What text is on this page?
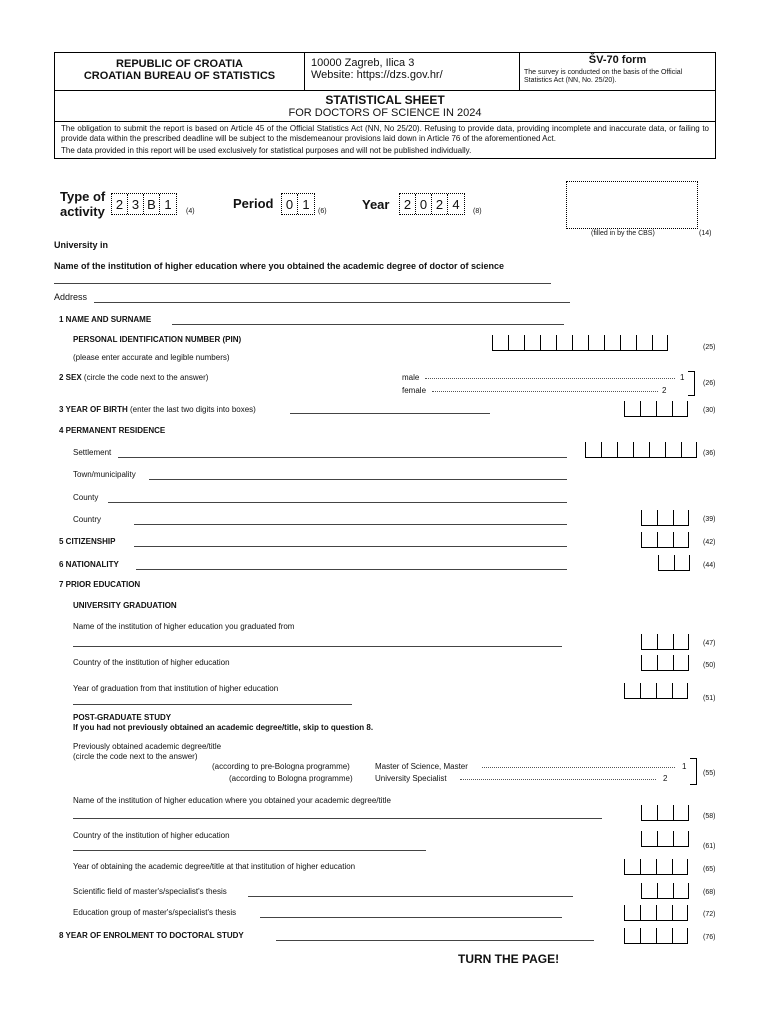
REPUBLIC OF CROATIA
CROATIAN BUREAU OF STATISTICS
10000 Zagreb, Ilica 3
Website: https://dzs.gov.hr/
ŠV-70 form
The survey is conducted on the basis of the Official Statistics Act (NN, No. 25/20).
STATISTICAL SHEET
FOR DOCTORS OF SCIENCE IN 2024
The obligation to submit the report is based on Article 45 of the Official Statistics Act (NN, No 25/20). Refusing to provide data, providing incomplete and inaccurate data, or failing to provide data within the prescribed deadline will be subject to the misdemeanour provisions laid down in Article 76 of the aforementioned Act.
The data provided in this report will be used exclusively for statistical purposes and will not be published individually.
Type of
activity 2 3 B 1	(4)
Period 0 1	(6)	Year 2 0 2 4	(8)
(filled in by the CBS)	(14)
University in
Name of the institution of higher education where you obtained the academic degree of doctor of science
Address
1 NAME AND SURNAME
PERSONAL IDENTIFICATION NUMBER (PIN)
(please enter accurate and legible numbers)
(25)
2 SEX (circle the code next to the answer)	male	1
female	2
(26)
3 YEAR OF BIRTH (enter the last two digits into boxes)	(30)
4 PERMANENT RESIDENCE
Settlement	(36)
Town/municipality
County
Country	(39)
5 CITIZENSHIP	(42)
6 NATIONALITY	(44)
7 PRIOR EDUCATION
UNIVERSITY GRADUATION
Name of the institution of higher education you graduated from
(47)
Country of the institution of higher education	(50)
Year of graduation from that institution of higher education
(51)
POST-GRADUATE STUDY
If you had not previously obtained an academic degree/title, skip to question 8.
Previously obtained academic degree/title
(circle the code next to the answer)
(according to pre-Bologna programme)	Master of Science, Master	1
(according to Bologna programme)	University Specialist	2
(55)
Name of the institution of higher education where you obtained your academic degree/title
(58)
Country of the institution of higher education
(61)
Year of obtaining the academic degree/title at that institution of higher education	(65)
Scientific field of master's/specialist's thesis	(68)
Education group of master's/specialist's thesis	(72)
8 YEAR OF ENROLMENT TO DOCTORAL STUDY	(76)
TURN THE PAGE!
